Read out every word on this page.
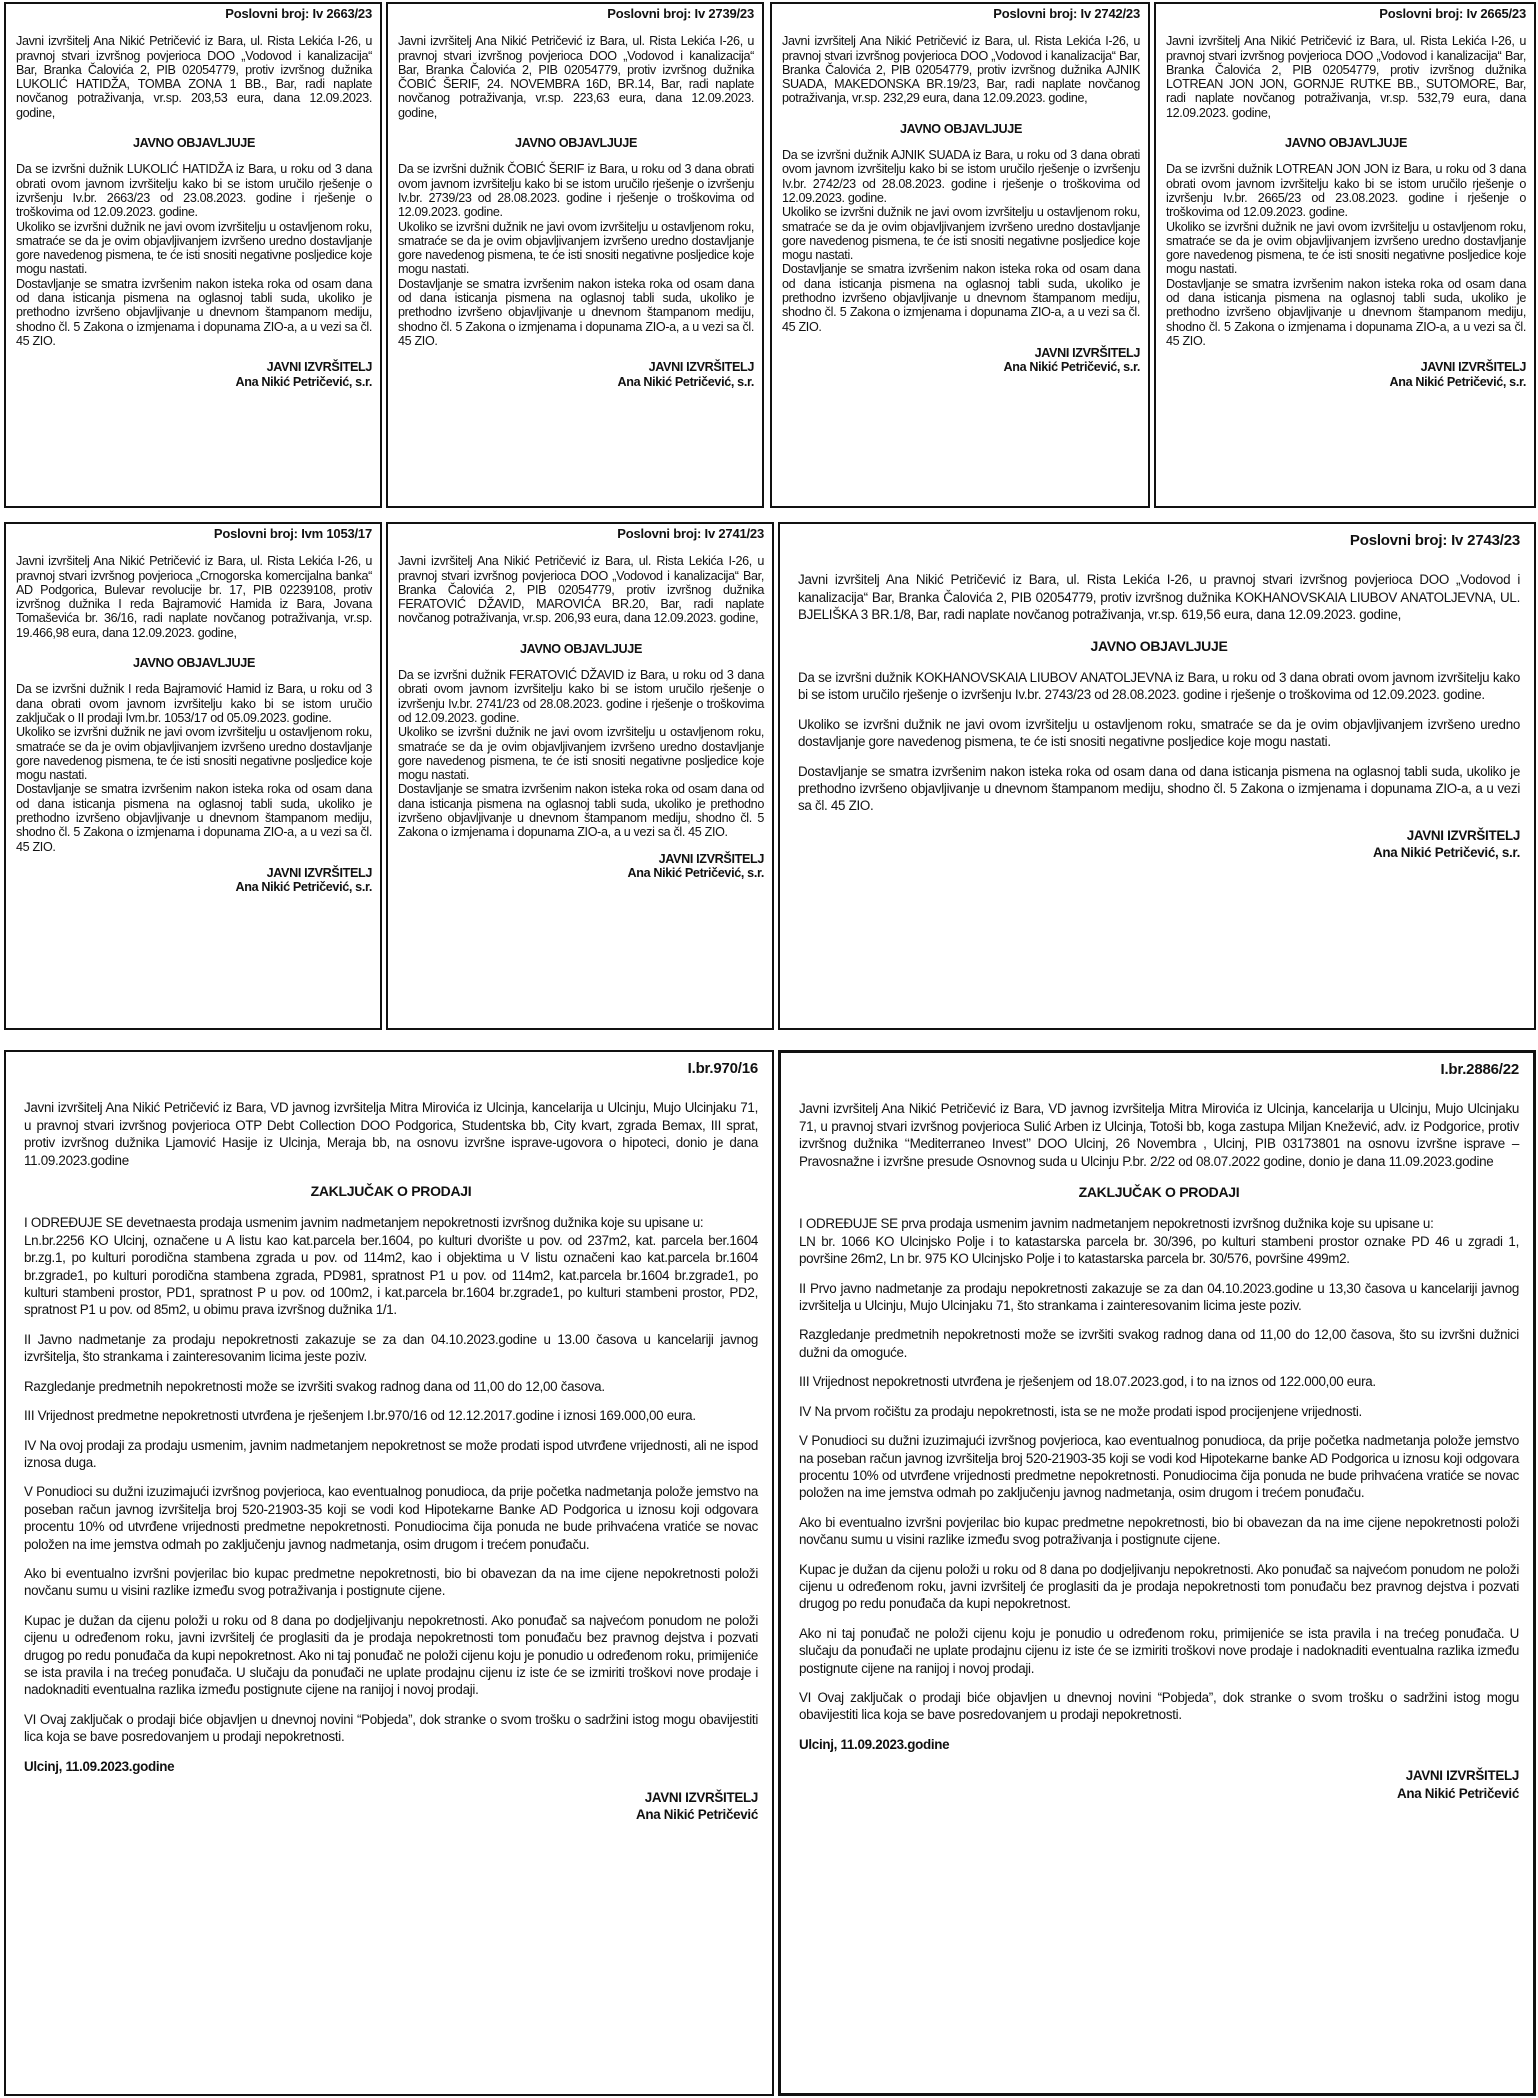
Poslovni broj: Iv 2663/23
Javni izvršitelj Ana Nikić Petričević iz Bara, ul. Rista Lekića I-26, u pravnoj stvari izvršnog povjerioca DOO „Vodovod i kanalizacija“ Bar, Branka Čalovića 2, PIB 02054779, protiv izvršnog dužnika LUKOLIĆ HATIDŽA, TOMBA ZONA 1 BB., Bar, radi naplate novčanog potraživanja, vr.sp. 203,53 eura, dana 12.09.2023. godine,
JAVNO OBJAVLJUJE
Da se izvršni dužnik LUKOLIĆ HATIDŽA iz Bara, u roku od 3 dana obrati ovom javnom izvršitelju kako bi se istom uručilo rješenje o izvršenju Iv.br. 2663/23 od 23.08.2023. godine i rješenje o troškovima od 12.09.2023. godine.
Ukoliko se izvršni dužnik ne javi ovom izvršitelju u ostavljenom roku, smatraće se da je ovim objavljivanjem izvršeno uredno dostavljanje gore navedenog pismena, te će isti snositi negativne posljedice koje mogu nastati.
Dostavljanje se smatra izvršenim nakon isteka roka od osam dana od dana isticanja pismena na oglasnoj tabli suda, ukoliko je prethodno izvršeno objavljivanje u dnevnom štampanom mediju, shodno čl. 5 Zakona o izmjenama i dopunama ZIO-a, a u vezi sa čl. 45 ZIO.
JAVNI IZVRŠITELJ
Ana Nikić Petričević, s.r.
Poslovni broj: Iv 2739/23
Javni izvršitelj Ana Nikić Petričević iz Bara, ul. Rista Lekića I-26, u pravnoj stvari izvršnog povjerioca DOO „Vodovod i kanalizacija“ Bar, Branka Čalovića 2, PIB 02054779, protiv izvršnog dužnika ČOBIĆ ŠERIF, 24. NOVEMBRA 16D, BR.14, Bar, radi naplate novčanog potraživanja, vr.sp. 223,63 eura, dana 12.09.2023. godine,
JAVNO OBJAVLJUJE
Da se izvršni dužnik ČOBIĆ ŠERIF iz Bara, u roku od 3 dana obrati ovom javnom izvršitelju kako bi se istom uručilo rješenje o izvršenju Iv.br. 2739/23 od 28.08.2023. godine i rješenje o troškovima od 12.09.2023. godine.
Ukoliko se izvršni dužnik ne javi ovom izvršitelju u ostavljenom roku, smatraće se da je ovim objavljivanjem izvršeno uredno dostavljanje gore navedenog pismena, te će isti snositi negativne posljedice koje mogu nastati.
Dostavljanje se smatra izvršenim nakon isteka roka od osam dana od dana isticanja pismena na oglasnoj tabli suda, ukoliko je prethodno izvršeno objavljivanje u dnevnom štampanom mediju, shodno čl. 5 Zakona o izmjenama i dopunama ZIO-a, a u vezi sa čl. 45 ZIO.
JAVNI IZVRŠITELJ
Ana Nikić Petričević, s.r.
Poslovni broj: Iv 2742/23
Javni izvršitelj Ana Nikić Petričević iz Bara, ul. Rista Lekića I-26, u pravnoj stvari izvršnog povjerioca DOO „Vodovod i kanalizacija“ Bar, Branka Čalovića 2, PIB 02054779, protiv izvršnog dužnika AJNIK SUADA, MAKEDONSKA BR.19/23, Bar, radi naplate novčanog potraživanja, vr.sp. 232,29 eura, dana 12.09.2023. godine,
JAVNO OBJAVLJUJE
Da se izvršni dužnik AJNIK SUADA iz Bara, u roku od 3 dana obrati ovom javnom izvršitelju kako bi se istom uručilo rješenje o izvršenju Iv.br. 2742/23 od 28.08.2023. godine i rješenje o troškovima od 12.09.2023. godine.
Ukoliko se izvršni dužnik ne javi ovom izvršitelju u ostavljenom roku, smatraće se da je ovim objavljivanjem izvršeno uredno dostavljanje gore navedenog pismena, te će isti snositi negativne posljedice koje mogu nastati.
Dostavljanje se smatra izvršenim nakon isteka roka od osam dana od dana isticanja pismena na oglasnoj tabli suda, ukoliko je prethodno izvršeno objavljivanje u dnevnom štampanom mediju, shodno čl. 5 Zakona o izmjenama i dopunama ZIO-a, a u vezi sa čl. 45 ZIO.
JAVNI IZVRŠITELJ
Ana Nikić Petričević, s.r.
Poslovni broj: Iv 2665/23
Javni izvršitelj Ana Nikić Petričević iz Bara, ul. Rista Lekića I-26, u pravnoj stvari izvršnog povjerioca DOO „Vodovod i kanalizacija“ Bar, Branka Čalovića 2, PIB 02054779, protiv izvršnog dužnika LOTREAN JON JON, GORNJE RUTKE BB., SUTOMORE, Bar, radi naplate novčanog potraživanja, vr.sp. 532,79 eura, dana 12.09.2023. godine,
JAVNO OBJAVLJUJE
Da se izvršni dužnik LOTREAN JON JON iz Bara, u roku od 3 dana obrati ovom javnom izvršitelju kako bi se istom uručilo rješenje o izvršenju Iv.br. 2665/23 od 23.08.2023. godine i rješenje o troškovima od 12.09.2023. godine.
Ukoliko se izvršni dužnik ne javi ovom izvršitelju u ostavljenom roku, smatraće se da je ovim objavljivanjem izvršeno uredno dostavljanje gore navedenog pismena, te će isti snositi negativne posljedice koje mogu nastati.
Dostavljanje se smatra izvršenim nakon isteka roka od osam dana od dana isticanja pismena na oglasnoj tabli suda, ukoliko je prethodno izvršeno objavljivanje u dnevnom štampanom mediju, shodno čl. 5 Zakona o izmjenama i dopunama ZIO-a, a u vezi sa čl. 45 ZIO.
JAVNI IZVRŠITELJ
Ana Nikić Petričević, s.r.
Poslovni broj: Ivm 1053/17
Javni izvršitelj Ana Nikić Petričević iz Bara, ul. Rista Lekića I-26, u pravnoj stvari izvršnog povjerioca „Crnogorska komercijalna banka“ AD Podgorica, Bulevar revolucije br. 17, PIB 02239108, protiv izvršnog dužnika I reda Bajramović Hamida iz Bara, Jovana Tomaševića br. 36/16, radi naplate novčanog potraživanja, vr.sp. 19.466,98 eura, dana 12.09.2023. godine,
JAVNO OBJAVLJUJE
Da se izvršni dužnik I reda Bajramović Hamid iz Bara, u roku od 3 dana obrati ovom javnom izvršitelju kako bi se istom uručio zaključak o II prodaji Ivm.br. 1053/17 od 05.09.2023. godine.
Ukoliko se izvršni dužnik ne javi ovom izvršitelju u ostavljenom roku, smatraće se da je ovim objavljivanjem izvršeno uredno dostavljanje gore navedenog pismena, te će isti snositi negativne posljedice koje mogu nastati.
Dostavljanje se smatra izvršenim nakon isteka roka od osam dana od dana isticanja pismena na oglasnoj tabli suda, ukoliko je prethodno izvršeno objavljivanje u dnevnom štampanom mediju, shodno čl. 5 Zakona o izmjenama i dopunama ZIO-a, a u vezi sa čl. 45 ZIO.
JAVNI IZVRŠITELJ
Ana Nikić Petričević, s.r.
Poslovni broj: Iv 2741/23
Javni izvršitelj Ana Nikić Petričević iz Bara, ul. Rista Lekića I-26, u pravnoj stvari izvršnog povjerioca DOO „Vodovod i kanalizacija“ Bar, Branka Čalovića 2, PIB 02054779, protiv izvršnog dužnika FERATOVIĆ DŽAVID, MAROVIĆA BR.20, Bar, radi naplate novčanog potraživanja, vr.sp. 206,93 eura, dana 12.09.2023. godine,
JAVNO OBJAVLJUJE
Da se izvršni dužnik FERATOVIĆ DŽAVID iz Bara, u roku od 3 dana obrati ovom javnom izvršitelju kako bi se istom uručilo rješenje o izvršenju Iv.br. 2741/23 od 28.08.2023. godine i rješenje o troškovima od 12.09.2023. godine.
Ukoliko se izvršni dužnik ne javi ovom izvršitelju u ostavljenom roku, smatraće se da je ovim objavljivanjem izvršeno uredno dostavljanje gore navedenog pismena, te će isti snositi negativne posljedice koje mogu nastati.
Dostavljanje se smatra izvršenim nakon isteka roka od osam dana od dana isticanja pismena na oglasnoj tabli suda, ukoliko je prethodno izvršeno objavljivanje u dnevnom štampanom mediju, shodno čl. 5 Zakona o izmjenama i dopunama ZIO-a, a u vezi sa čl. 45 ZIO.
JAVNI IZVRŠITELJ
Ana Nikić Petričević, s.r.
Poslovni broj: Iv 2743/23
Javni izvršitelj Ana Nikić Petričević iz Bara, ul. Rista Lekića I-26, u pravnoj stvari izvršnog povjerioca DOO „Vodovod i kanalizacija“ Bar, Branka Čalovića 2, PIB 02054779, protiv izvršnog dužnika KOKHANOVSKAIA LIUBOV ANATOLJEVNA, UL. BJELIŠKA 3 BR.1/8, Bar, radi naplate novčanog potraživanja, vr.sp. 619,56 eura, dana 12.09.2023. godine,
JAVNO OBJAVLJUJE
Da se izvršni dužnik KOKHANOVSKAIA LIUBOV ANATOLJEVNA iz Bara, u roku od 3 dana obrati ovom javnom izvršitelju kako bi se istom uručilo rješenje o izvršenju Iv.br. 2743/23 od 28.08.2023. godine i rješenje o troškovima od 12.09.2023. godine.
Ukoliko se izvršni dužnik ne javi ovom izvršitelju u ostavljenom roku, smatraće se da je ovim objavljivanjem izvršeno uredno dostavljanje gore navedenog pismena, te će isti snositi negativne posljedice koje mogu nastati.
Dostavljanje se smatra izvršenim nakon isteka roka od osam dana od dana isticanja pismena na oglasnoj tabli suda, ukoliko je prethodno izvršeno objavljivanje u dnevnom štampanom mediju, shodno čl. 5 Zakona o izmjenama i dopunama ZIO-a, a u vezi sa čl. 45 ZIO.
JAVNI IZVRŠITELJ
Ana Nikić Petričević, s.r.
I.br.970/16
Javni izvršitelj Ana Nikić Petričević iz Bara, VD javnog izvršitelja Mitra Mirovića iz Ulcinja, kancelarija u Ulcinju, Mujo Ulcinjaku 71, u pravnoj stvari izvršnog povjerioca OTP Debt Collection DOO Podgorica, Studentska bb, City kvart, zgrada Bemax, III sprat, protiv izvršnog dužnika Ljamović Hasije iz Ulcinja, Meraja bb, na osnovu izvršne isprave-ugovora o hipoteci, donio je dana 11.09.2023.godine
ZAKLJUČAK O PRODAJI
I ODREĐUJE SE devetnaesta prodaja usmenim javnim nadmetanjem nepokretnosti izvršnog dužnika koje su upisane u:
Ln.br.2256 KO Ulcinj, označene u A listu kao kat.parcela ber.1604, po kulturi dvorište u pov. od 237m2, kat. parcela ber.1604 br.zg.1, po kulturi porodična stambena zgrada u pov. od 114m2, kao i objektima u V listu označeni kao kat.parcela br.1604 br.zgrade1, po kulturi porodična stambena zgrada, PD981, spratnost P1 u pov. od 114m2, kat.parcela br.1604 br.zgrade1, po kulturi stambeni prostor, PD1, spratnost P u pov. od 100m2, i kat.parcela br.1604 br.zgrade1, po kulturi stambeni prostor, PD2, spratnost P1 u pov. od 85m2, u obimu prava izvršnog dužnika 1/1.
II Javno nadmetanje za prodaju nepokretnosti zakazuje se za dan 04.10.2023.godine u 13.00 časova u kancelariji javnog izvršitelja, što strankama i zainteresovanim licima jeste poziv.
Razgledanje predmetnih nepokretnosti može se izvršiti svakog radnog dana od 11,00 do 12,00 časova.
III Vrijednost predmetne nepokretnosti utvrđena je rješenjem I.br.970/16 od 12.12.2017.godine i iznosi 169.000,00 eura.
IV Na ovoj prodaji za prodaju usmenim, javnim nadmetanjem nepokretnost se može prodati ispod utvrđene vrijednosti, ali ne ispod iznosa duga.
V Ponudioci su dužni izuzimajući izvršnog povjerioca, kao eventualnog ponudioca, da prije početka nadmetanja polože jemstvo na poseban račun javnog izvršitelja broj 520-21903-35 koji se vodi kod Hipotekarne Banke AD Podgorica u iznosu koji odgovara procentu 10% od utvrđene vrijednosti predmetne nepokretnosti. Ponudiocima čija ponuda ne bude prihvaćena vratiće se novac položen na ime jemstva odmah po zaključenju javnog nadmetanja, osim drugom i trećem ponuđaču.
Ako bi eventualno izvršni povjerilac bio kupac predmetne nepokretnosti, bio bi obavezan da na ime cijene nepokretnosti položi novčanu sumu u visini razlike između svog potraživanja i postignute cijene.
Kupac je dužan da cijenu položi u roku od 8 dana po dodjeljivanju nepokretnosti. Ako ponuđač sa najvećom ponudom ne položi cijenu u određenom roku, javni izvršitelj će proglasiti da je prodaja nepokretnosti tom ponuđaču bez pravnog dejstva i pozvati drugog po redu ponuđača da kupi nepokretnost. Ako ni taj ponuđač ne položi cijenu koju je ponudio u određenom roku, primijeniće se ista pravila i na trećeg ponuđača. U slučaju da ponuđači ne uplate prodajnu cijenu iz iste će se izmiriti troškovi nove prodaje i nadoknaditi eventualna razlika između postignute cijene na ranijoj i novoj prodaji.
VI Ovaj zaključak o prodaji biće objavljen u dnevnoj novini “Pobjeda”, dok stranke o svom trošku o sadržini istog mogu obavijestiti lica koja se bave posredovanjem u prodaji nepokretnosti.
Ulcinj, 11.09.2023.godine
JAVNI IZVRŠITELJ
Ana Nikić Petričević
I.br.2886/22
Javni izvršitelj Ana Nikić Petričević iz Bara, VD javnog izvršitelja Mitra Mirovića iz Ulcinja, kancelarija u Ulcinju, Mujo Ulcinjaku 71, u pravnoj stvari izvršnog povjerioca Sulić Arben iz Ulcinja, Totoši bb, koga zastupa Miljan Knežević, adv. iz Podgorice, protiv izvršnog dužnika ‘‘Mediterraneo Invest’’ DOO Ulcinj, 26 Novembra , Ulcinj, PIB 03173801 na osnovu izvršne isprave – Pravosnažne i izvršne presude Osnovnog suda u Ulcinju P.br. 2/22 od 08.07.2022 godine, donio je dana 11.09.2023.godine
ZAKLJUČAK O PRODAJI
I ODREĐUJE SE prva prodaja usmenim javnim nadmetanjem nepokretnosti izvršnog dužnika koje su upisane u:
LN br. 1066 KO Ulcinjsko Polje i to katastarska parcela br. 30/396, po kulturi stambeni prostor oznake PD 46 u zgradi 1, površine 26m2, Ln br. 975 KO Ulcinjsko Polje i to katastarska parcela br. 30/576, površine 499m2.
II Prvo javno nadmetanje za prodaju nepokretnosti zakazuje se za dan 04.10.2023.godine u 13,30 časova u kancelariji javnog izvršitelja u Ulcinju, Mujo Ulcinjaku 71, što strankama i zainteresovanim licima jeste poziv.
Razgledanje predmetnih nepokretnosti može se izvršiti svakog radnog dana od 11,00 do 12,00 časova, što su izvršni dužnici dužni da omoguće.
III Vrijednost nepokretnosti utvrđena je rješenjem od 18.07.2023.god, i to na iznos od 122.000,00 eura.
IV Na prvom ročištu za prodaju nepokretnosti, ista se ne može prodati ispod procijenjene vrijednosti.
V Ponudioci su dužni izuzimajući izvršnog povjerioca, kao eventualnog ponudioca, da prije početka nadmetanja polože jemstvo na poseban račun javnog izvršitelja broj 520-21903-35 koji se vodi kod Hipotekarne banke AD Podgorica u iznosu koji odgovara procentu 10% od utvrđene vrijednosti predmetne nepokretnosti. Ponudiocima čija ponuda ne bude prihvaćena vratiće se novac položen na ime jemstva odmah po zaključenju javnog nadmetanja, osim drugom i trećem ponuđaču.
Ako bi eventualno izvršni povjerilac bio kupac predmetne nepokretnosti, bio bi obavezan da na ime cijene nepokretnosti položi novčanu sumu u visini razlike između svog potraživanja i postignute cijene.
Kupac je dužan da cijenu položi u roku od 8 dana po dodjeljivanju nepokretnosti. Ako ponuđač sa najvećom ponudom ne položi cijenu u određenom roku, javni izvršitelj će proglasiti da je prodaja nepokretnosti tom ponuđaču bez pravnog dejstva i pozvati drugog po redu ponuđača da kupi nepokretnost.
Ako ni taj ponuđač ne položi cijenu koju je ponudio u određenom roku, primijeniće se ista pravila i na trećeg ponuđača. U slučaju da ponuđači ne uplate prodajnu cijenu iz iste će se izmiriti troškovi nove prodaje i nadoknaditi eventualna razlika između postignute cijene na ranijoj i novoj prodaji.
VI Ovaj zaključak o prodaji biće objavljen u dnevnoj novini “Pobjeda”, dok stranke o svom trošku o sadržini istog mogu obavijestiti lica koja se bave posredovanjem u prodaji nepokretnosti.
Ulcinj, 11.09.2023.godine
JAVNI IZVRŠITELJ
Ana Nikić Petričević
